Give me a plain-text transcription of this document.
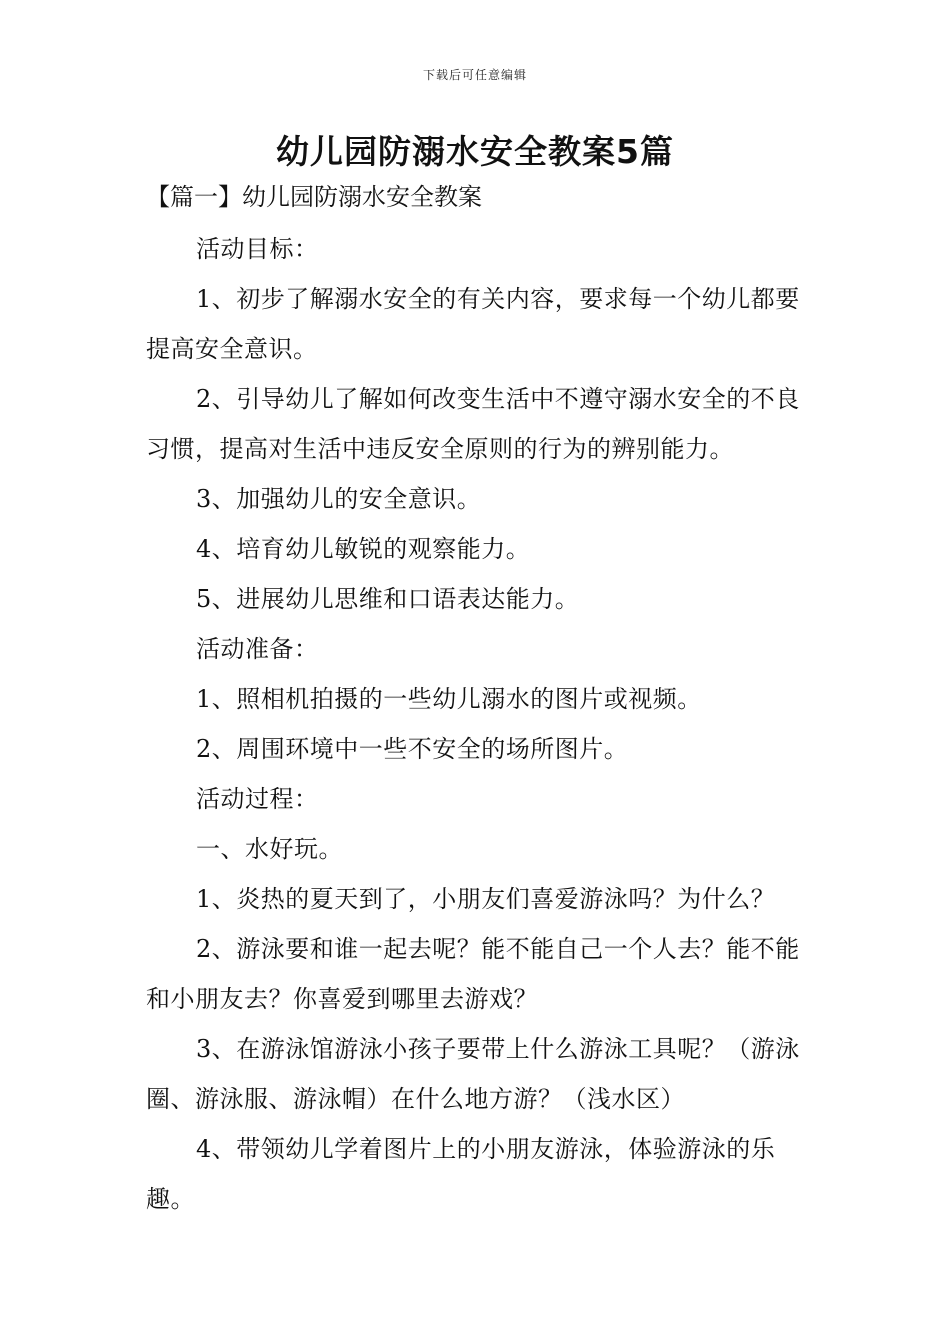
下载后可任意编辑
幼儿园防溺水安全教案5篇
【篇一】幼儿园防溺水安全教案
活动目标：
1、初步了解溺水安全的有关内容，要求每一个幼儿都要提高安全意识。
2、引导幼儿了解如何改变生活中不遵守溺水安全的不良习惯，提高对生活中违反安全原则的行为的辨别能力。
3、加强幼儿的安全意识。
4、培育幼儿敏锐的观察能力。
5、进展幼儿思维和口语表达能力。
活动准备：
1、照相机拍摄的一些幼儿溺水的图片或视频。
2、周围环境中一些不安全的场所图片。
活动过程：
一、水好玩。
1、炎热的夏天到了，小朋友们喜爱游泳吗？为什么？
2、游泳要和谁一起去呢？能不能自己一个人去？能不能和小朋友去？你喜爱到哪里去游戏？
3、在游泳馆游泳小孩子要带上什么游泳工具呢？（游泳圈、游泳服、游泳帽）在什么地方游？（浅水区）
4、带领幼儿学着图片上的小朋友游泳，体验游泳的乐趣。
